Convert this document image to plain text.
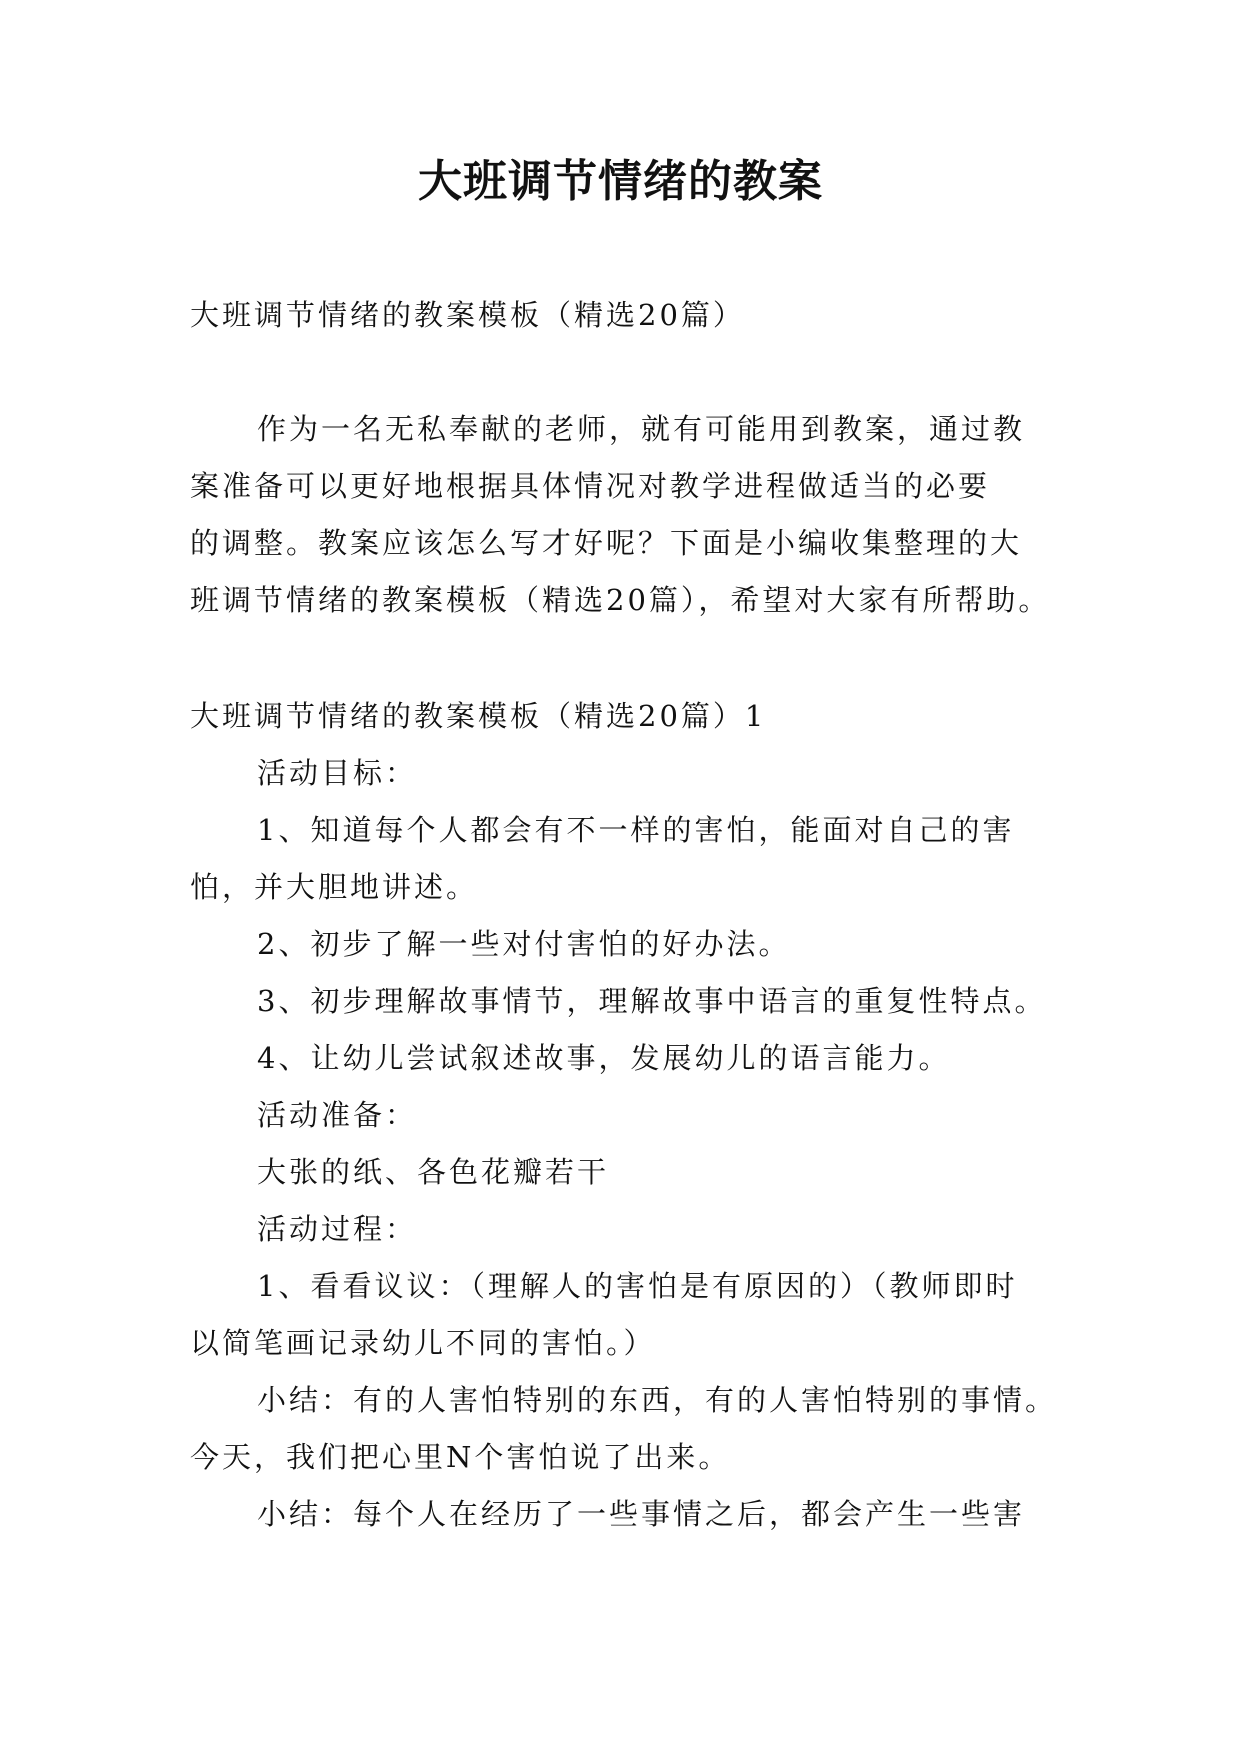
大班调节情绪的教案

大班调节情绪的教案模板（精选20篇）

作为一名无私奉献的老师，就有可能用到教案，通过教

案准备可以更好地根据具体情况对教学进程做适当的必要

的调整。教案应该怎么写才好呢？下面是小编收集整理的大

班调节情绪的教案模板（精选20篇），希望对大家有所帮助。

大班调节情绪的教案模板（精选20篇）1

活动目标：

1、知道每个人都会有不一样的害怕，能面对自己的害

怕，并大胆地讲述。

2、初步了解一些对付害怕的好办法。

3、初步理解故事情节，理解故事中语言的重复性特点。

4、让幼儿尝试叙述故事，发展幼儿的语言能力。

活动准备：

大张的纸、各色花瓣若干

活动过程：

1、看看议议：（理解人的害怕是有原因的）（教师即时

以简笔画记录幼儿不同的害怕。）

小结：有的人害怕特别的东西，有的人害怕特别的事情。

今天，我们把心里N个害怕说了出来。

小结：每个人在经历了一些事情之后，都会产生一些害
